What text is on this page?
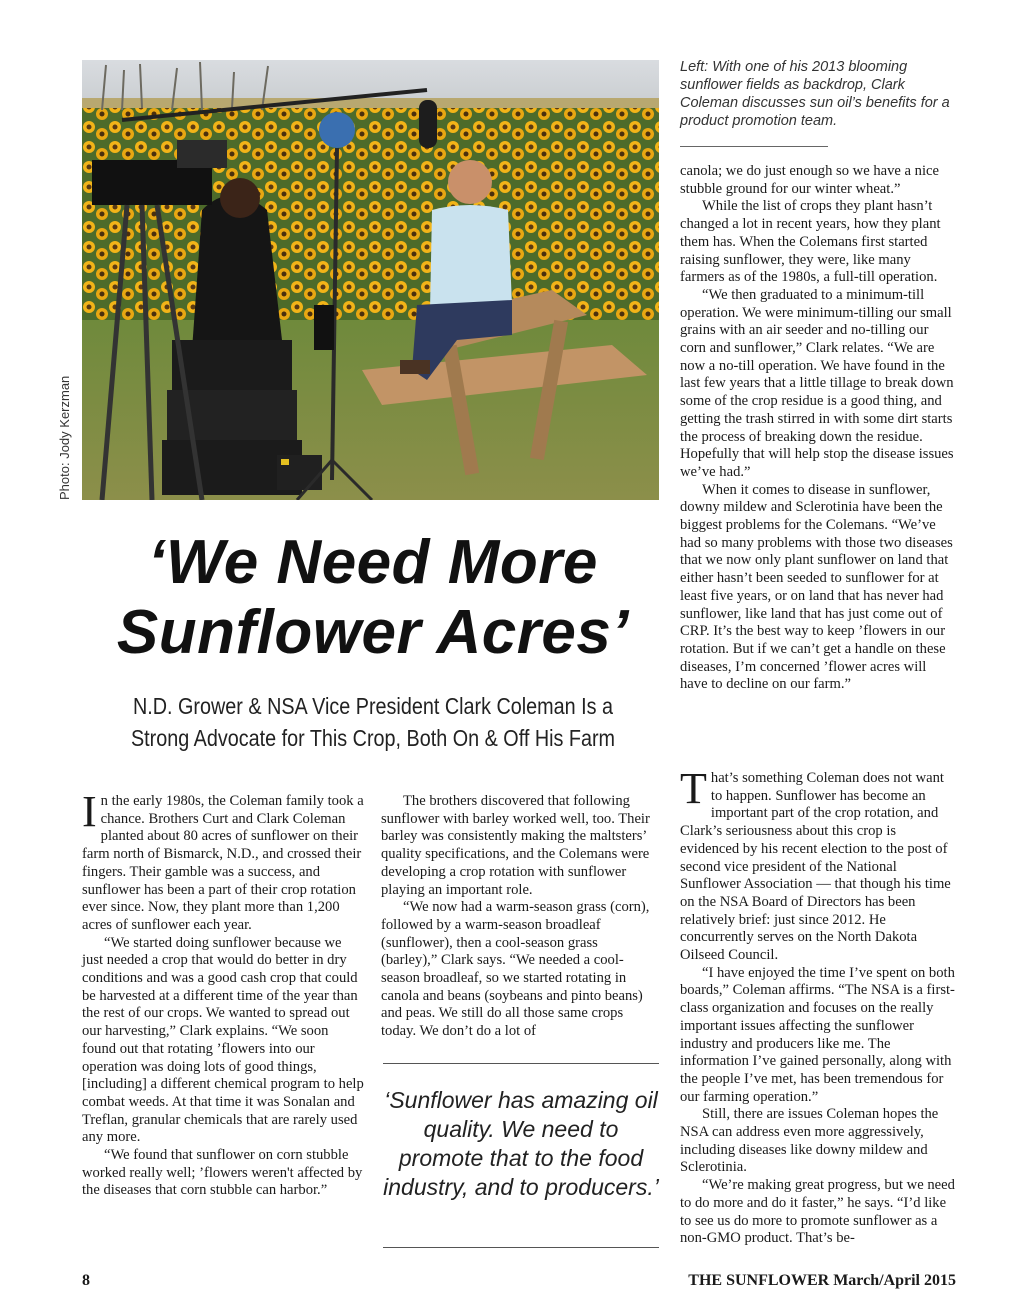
Photo: Jody Kerzman
Left: With one of his 2013 blooming sunflower fields as backdrop, Clark Coleman discusses sun oil’s benefits for a product promotion team.
‘We Need More
Sunflower Acres’
N.D. Grower & NSA Vice President Clark Coleman Is a
Strong Advocate for This Crop, Both On & Off His Farm

In the early 1980s, the Coleman family took a chance. Brothers Curt and Clark Coleman planted about 80 acres of sunflower on their farm north of Bismarck, N.D., and crossed their fingers. Their gamble was a success, and sunflower has been a part of their crop rotation ever since. Now, they plant more than 1,200 acres of sunflower each year.

“We started doing sunflower because we just needed a crop that would do better in dry conditions and was a good cash crop that could be harvested at a different time of the year than the rest of our crops. We wanted to spread out our harvesting,” Clark explains. “We soon found out that rotating ’flowers into our operation was doing lots of good things, [including] a different chemical program to help combat weeds. At that time it was Sonalan and Treflan, granular chemicals that are rarely used any more.

“We found that sunflower on corn stubble worked really well; ’flowers weren't affected by the diseases that corn stubble can harbor.”

The brothers discovered that following sunflower with barley worked well, too. Their barley was consistently making the maltsters’ quality specifications, and the Colemans were developing a crop rotation with sunflower playing an important role.

“We now had a warm-season grass (corn), followed by a warm-season broadleaf (sunflower), then a cool-season grass (barley),” Clark says. “We needed a cool-season broadleaf, so we started rotating in canola and beans (soybeans and pinto beans) and peas. We still do all those same crops today. We don’t do a lot of

‘Sunflower has amazing oil quality. We need to promote that to the food industry, and to producers.’

canola; we do just enough so we have a nice stubble ground for our winter wheat.”

While the list of crops they plant hasn’t changed a lot in recent years, how they plant them has. When the Colemans first started raising sunflower, they were, like many farmers as of the 1980s, a full-till operation.

“We then graduated to a minimum-till operation. We were minimum-tilling our small grains with an air seeder and no-tilling our corn and sunflower,” Clark relates. “We are now a no-till operation. We have found in the last few years that a little tillage to break down some of the crop residue is a good thing, and getting the trash stirred in with some dirt starts the process of breaking down the residue. Hopefully that will help stop the disease issues we’ve had.”

When it comes to disease in sunflower, downy mildew and Sclerotinia have been the biggest problems for the Colemans. “We’ve had so many problems with those two diseases that we now only plant sunflower on land that either hasn’t been seeded to sunflower for at least five years, or on land that has never had sunflower, like land that has just come out of CRP. It’s the best way to keep ’flowers in our rotation. But if we can’t get a handle on these diseases, I’m concerned ’flower acres will have to decline on our farm.”

That’s something Coleman does not want to happen. Sunflower has become an important part of the crop rotation, and Clark’s seriousness about this crop is evidenced by his recent election to the post of second vice president of the National Sunflower Association — that though his time on the NSA Board of Directors has been relatively brief: just since 2012. He concurrently serves on the North Dakota Oilseed Council.

“I have enjoyed the time I’ve spent on both boards,” Coleman affirms. “The NSA is a first-class organization and focuses on the really important issues affecting the sunflower industry and producers like me. The information I’ve gained personally, along with the people I’ve met, has been tremendous for our farming operation.”

Still, there are issues Coleman hopes the NSA can address even more aggressively, including diseases like downy mildew and Sclerotinia.

“We’re making great progress, but we need to do more and do it faster,” he says. “I’d like to see us do more to promote sunflower as a non-GMO product. That’s be-

8	THE SUNFLOWER March/April 2015
